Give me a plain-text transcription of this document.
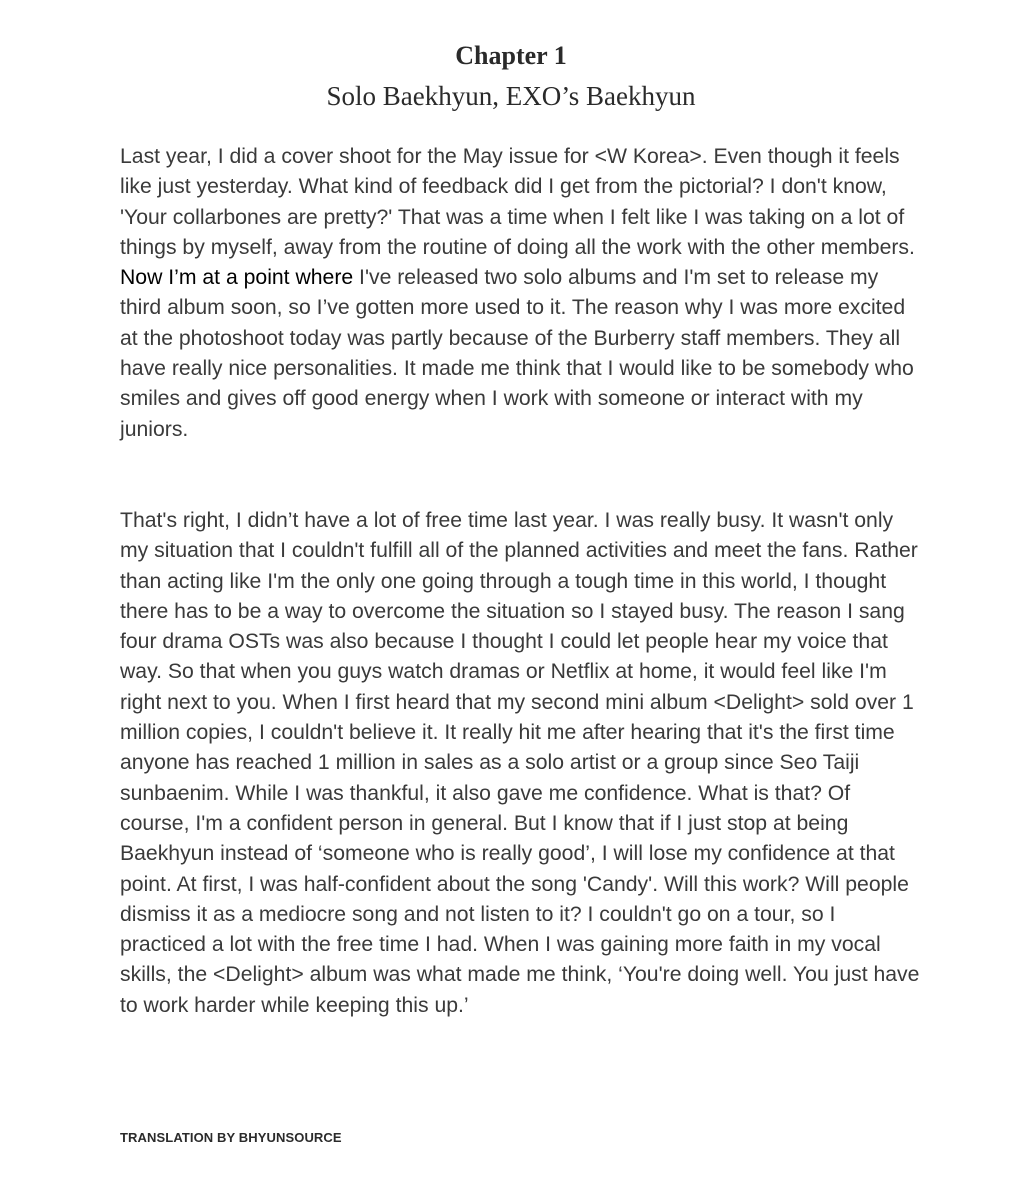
Chapter 1
Solo Baekhyun, EXO’s Baekhyun

Last year, I did a cover shoot for the May issue for <W Korea>. Even though it feels like just yesterday. What kind of feedback did I get from the pictorial? I don't know, 'Your collarbones are pretty?' That was a time when I felt like I was taking on a lot of things by myself, away from the routine of doing all the work with the other members. Now I’m at a point where I've released two solo albums and I'm set to release my third album soon, so I’ve gotten more used to it. The reason why I was more excited at the photoshoot today was partly because of the Burberry staff members. They all have really nice personalities. It made me think that I would like to be somebody who smiles and gives off good energy when I work with someone or interact with my juniors.

That's right, I didn’t have a lot of free time last year. I was really busy. It wasn't only my situation that I couldn't fulfill all of the planned activities and meet the fans. Rather than acting like I'm the only one going through a tough time in this world, I thought there has to be a way to overcome the situation so I stayed busy. The reason I sang four drama OSTs was also because I thought I could let people hear my voice that way. So that when you guys watch dramas or Netflix at home, it would feel like I'm right next to you. When I first heard that my second mini album <Delight> sold over 1 million copies, I couldn't believe it. It really hit me after hearing that it's the first time anyone has reached 1 million in sales as a solo artist or a group since Seo Taiji sunbaenim. While I was thankful, it also gave me confidence. What is that? Of course, I'm a confident person in general. But I know that if I just stop at being Baekhyun instead of ‘someone who is really good’, I will lose my confidence at that point. At first, I was half-confident about the song 'Candy'. Will this work? Will people dismiss it as a mediocre song and not listen to it? I couldn't go on a tour, so I practiced a lot with the free time I had. When I was gaining more faith in my vocal skills, the <Delight> album was what made me think, ‘You're doing well. You just have to work harder while keeping this up.’

TRANSLATION BY BHYUNSOURCE
